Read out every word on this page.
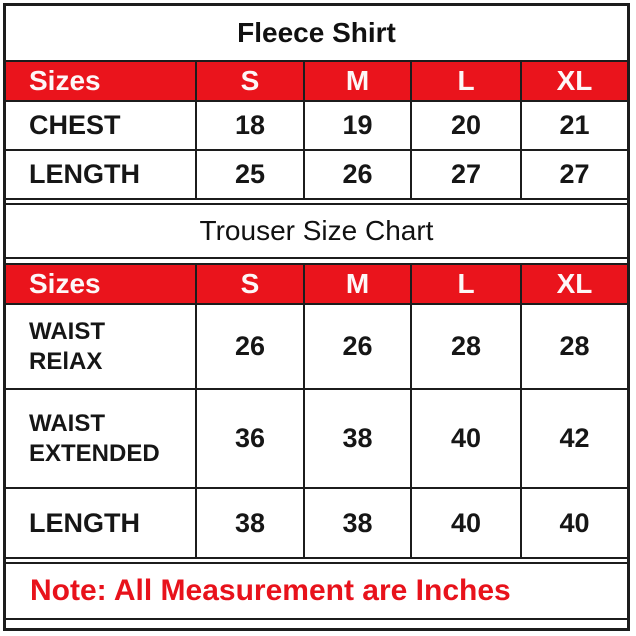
Fleece Shirt
Sizes	S	M	L	XL
CHEST	18	19	20	21
LENGTH	25	26	27	27
Trouser Size Chart
Sizes	S	M	L	XL
WAIST RElAX	26	26	28	28
WAIST EXTENDED	36	38	40	42
LENGTH	38	38	40	40
Note: All Measurement are Inches
